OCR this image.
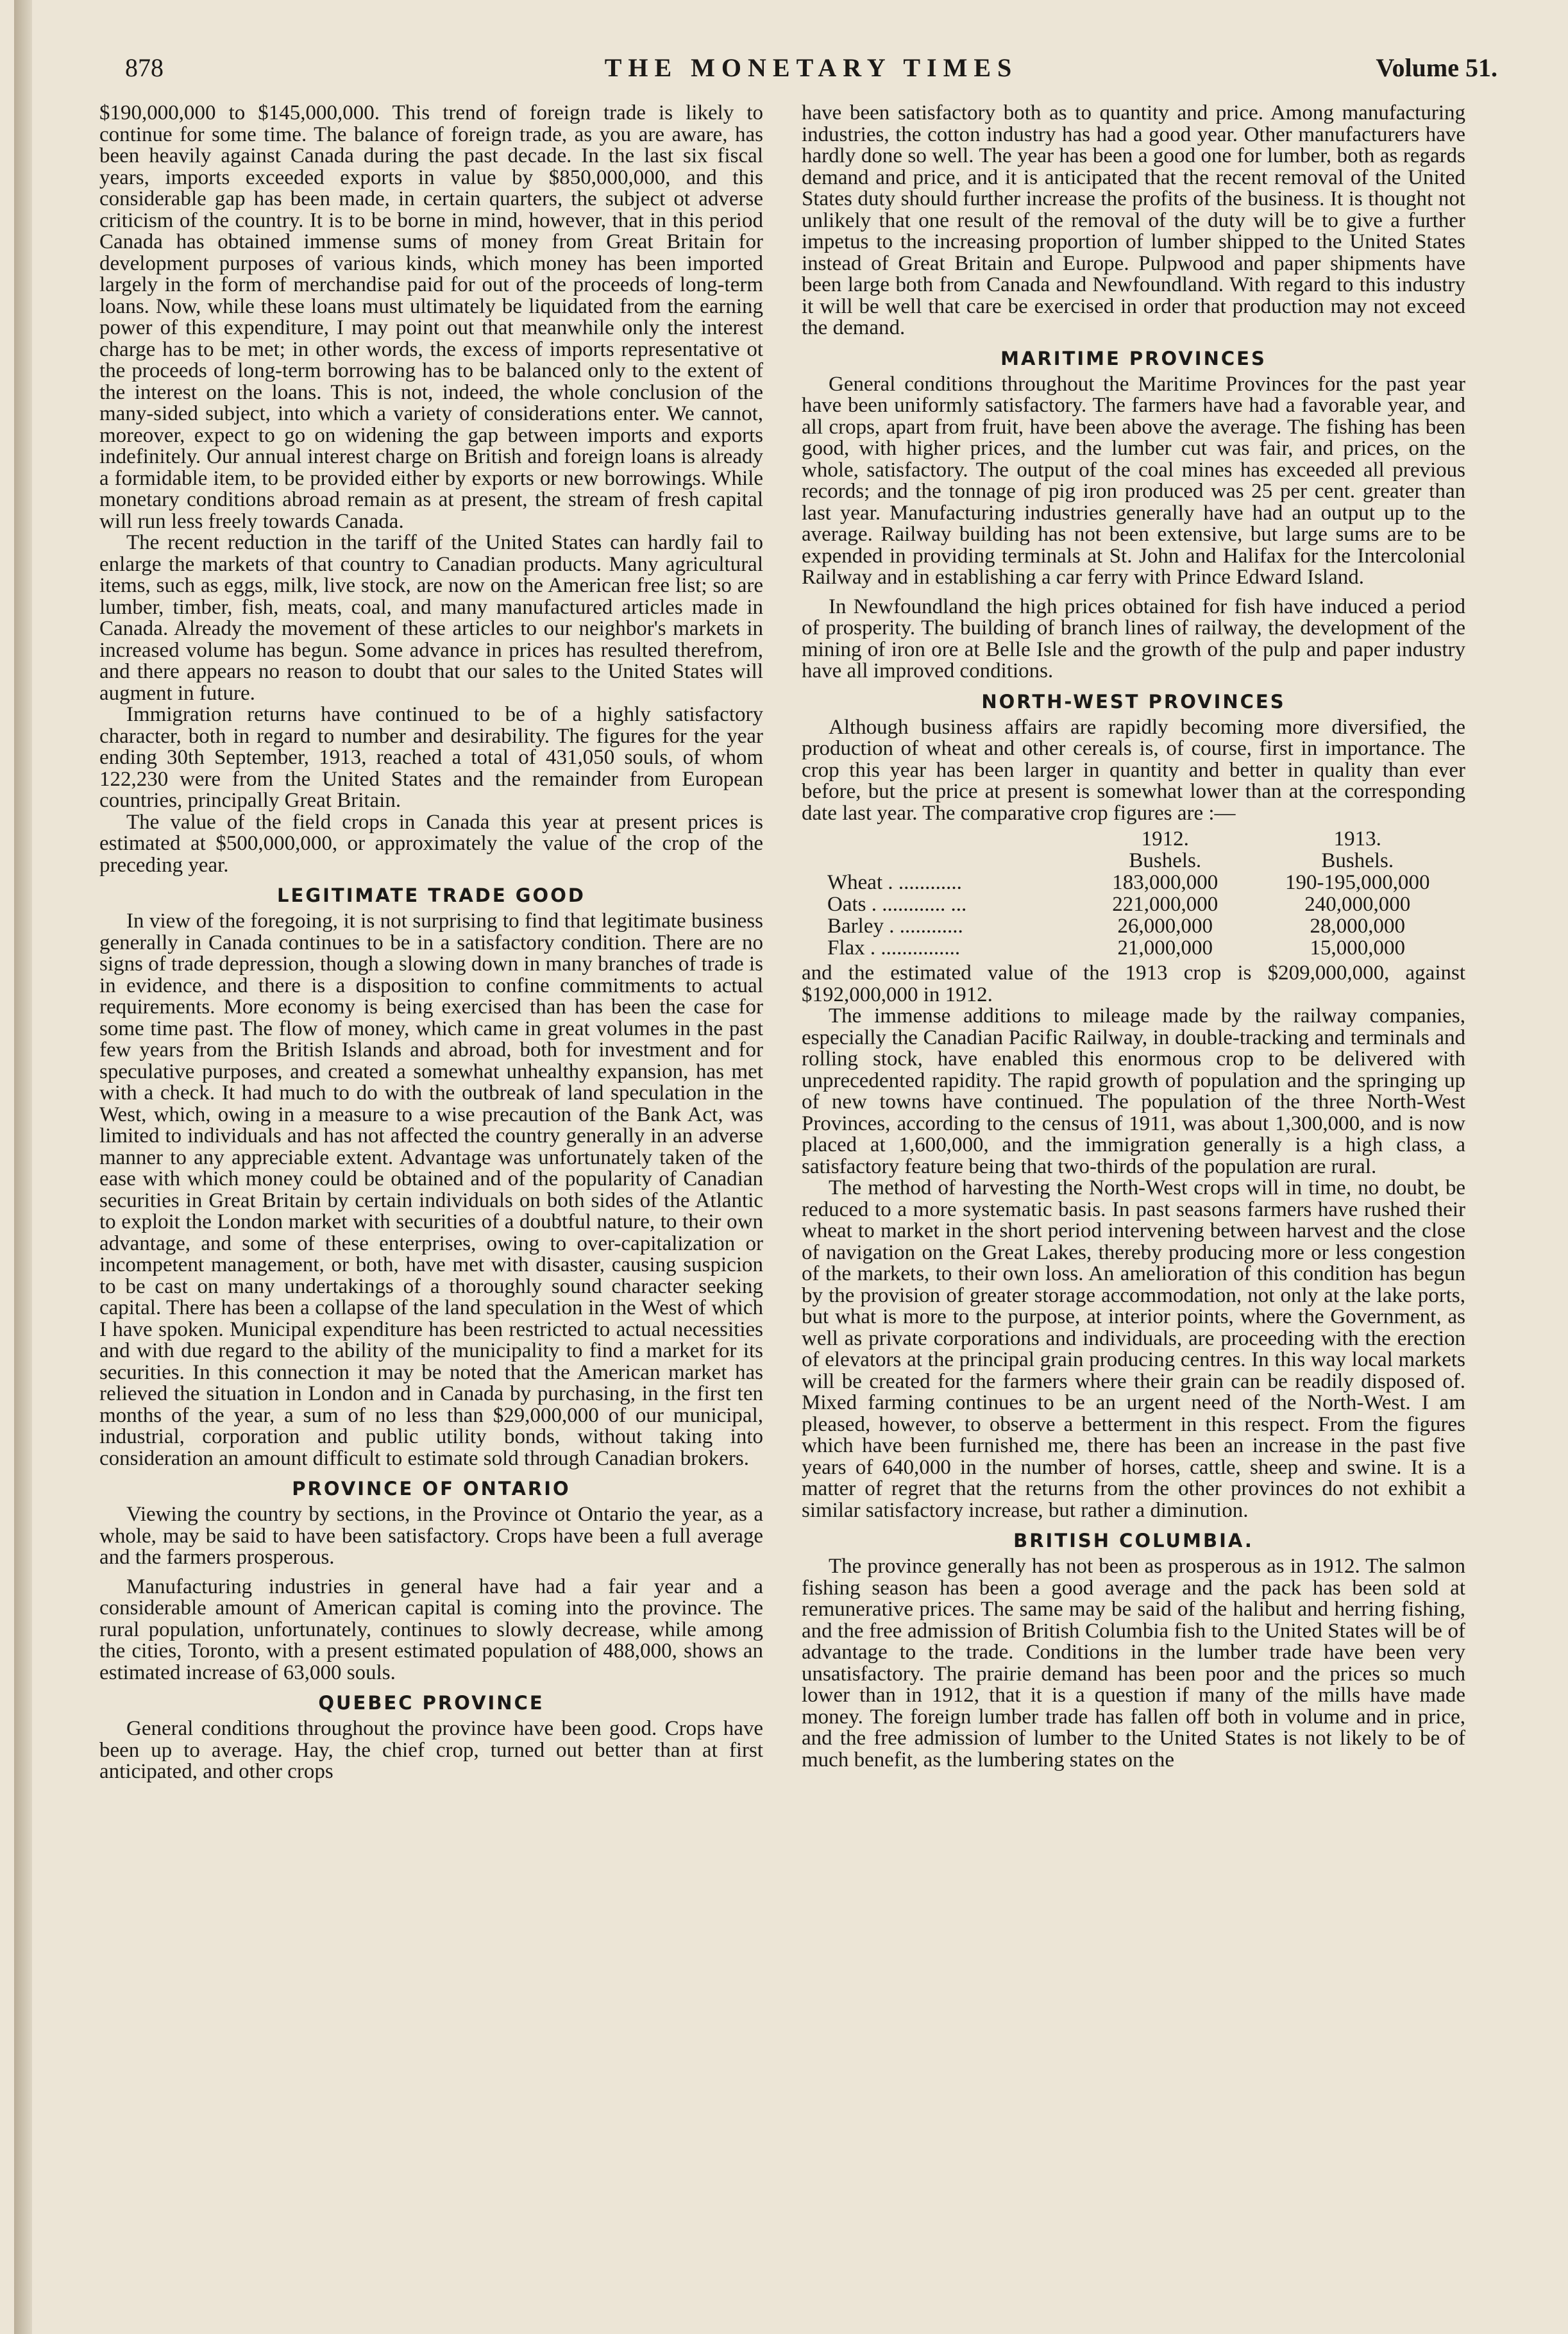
878	THE MONETARY TIMES	Volume 51.

$190,000,000 to $145,000,000. This trend of foreign trade is likely to continue for some time. The balance of foreign trade, as you are aware, has been heavily against Canada during the past decade. In the last six fiscal years, imports exceeded exports in value by $850,000,000, and this considerable gap has been made, in certain quarters, the subject ot adverse criticism of the country. It is to be borne in mind, however, that in this period Canada has obtained immense sums of money from Great Britain for development purposes of various kinds, which money has been imported largely in the form of merchandise paid for out of the proceeds of long-term loans. Now, while these loans must ultimately be liquidated from the earning power of this expenditure, I may point out that meanwhile only the interest charge has to be met; in other words, the excess of imports representative ot the proceeds of long-term borrowing has to be balanced only to the extent of the interest on the loans. This is not, indeed, the whole conclusion of the many-sided subject, into which a variety of considerations enter. We cannot, moreover, expect to go on widening the gap between imports and exports indefinitely. Our annual interest charge on British and foreign loans is already a formidable item, to be provided either by exports or new borrowings. While monetary conditions abroad remain as at present, the stream of fresh capital will run less freely towards Canada.

The recent reduction in the tariff of the United States can hardly fail to enlarge the markets of that country to Canadian products. Many agricultural items, such as eggs, milk, live stock, are now on the American free list; so are lumber, timber, fish, meats, coal, and many manufactured articles made in Canada. Already the movement of these articles to our neighbor's markets in increased volume has begun. Some advance in prices has resulted therefrom, and there appears no reason to doubt that our sales to the United States will augment in future.

Immigration returns have continued to be of a highly satisfactory character, both in regard to number and desirability. The figures for the year ending 30th September, 1913, reached a total of 431,050 souls, of whom 122,230 were from the United States and the remainder from European countries, principally Great Britain.

The value of the field crops in Canada this year at present prices is estimated at $500,000,000, or approximately the value of the crop of the preceding year.

LEGITIMATE TRADE GOOD

In view of the foregoing, it is not surprising to find that legitimate business generally in Canada continues to be in a satisfactory condition. There are no signs of trade depression, though a slowing down in many branches of trade is in evidence, and there is a disposition to confine commitments to actual requirements. More economy is being exercised than has been the case for some time past. The flow of money, which came in great volumes in the past few years from the British Islands and abroad, both for investment and for speculative purposes, and created a somewhat unhealthy expansion, has met with a check. It had much to do with the outbreak of land speculation in the West, which, owing in a measure to a wise precaution of the Bank Act, was limited to individuals and has not affected the country generally in an adverse manner to any appreciable extent. Advantage was unfortunately taken of the ease with which money could be obtained and of the popularity of Canadian securities in Great Britain by certain individuals on both sides of the Atlantic to exploit the London market with securities of a doubtful nature, to their own advantage, and some of these enterprises, owing to over-capitalization or incompetent management, or both, have met with disaster, causing suspicion to be cast on many undertakings of a thoroughly sound character seeking capital. There has been a collapse of the land speculation in the West of which I have spoken. Municipal expenditure has been restricted to actual necessities and with due regard to the ability of the municipality to find a market for its securities. In this connection it may be noted that the American market has relieved the situation in London and in Canada by purchasing, in the first ten months of the year, a sum of no less than $29,000,000 of our municipal, industrial, corporation and public utility bonds, without taking into consideration an amount difficult to estimate sold through Canadian brokers.

PROVINCE OF ONTARIO

Viewing the country by sections, in the Province ot Ontario the year, as a whole, may be said to have been satisfactory. Crops have been a full average and the farmers prosperous.

Manufacturing industries in general have had a fair year and a considerable amount of American capital is coming into the province. The rural population, unfortunately, continues to slowly decrease, while among the cities, Toronto, with a present estimated population of 488,000, shows an estimated increase of 63,000 souls.

QUEBEC PROVINCE

General conditions throughout the province have been good. Crops have been up to average. Hay, the chief crop, turned out better than at first anticipated, and other crops

have been satisfactory both as to quantity and price. Among manufacturing industries, the cotton industry has had a good year. Other manufacturers have hardly done so well. The year has been a good one for lumber, both as regards demand and price, and it is anticipated that the recent removal of the United States duty should further increase the profits of the business. It is thought not unlikely that one result of the removal of the duty will be to give a further impetus to the increasing proportion of lumber shipped to the United States instead of Great Britain and Europe. Pulpwood and paper shipments have been large both from Canada and Newfoundland. With regard to this industry it will be well that care be exercised in order that production may not exceed the demand.

MARITIME PROVINCES

General conditions throughout the Maritime Provinces for the past year have been uniformly satisfactory. The farmers have had a favorable year, and all crops, apart from fruit, have been above the average. The fishing has been good, with higher prices, and the lumber cut was fair, and prices, on the whole, satisfactory. The output of the coal mines has exceeded all previous records; and the tonnage of pig iron produced was 25 per cent. greater than last year. Manufacturing industries generally have had an output up to the average. Railway building has not been extensive, but large sums are to be expended in providing terminals at St. John and Halifax for the Intercolonial Railway and in establishing a car ferry with Prince Edward Island.

In Newfoundland the high prices obtained for fish have induced a period of prosperity. The building of branch lines of railway, the development of the mining of iron ore at Belle Isle and the growth of the pulp and paper industry have all improved conditions.

NORTH-WEST PROVINCES

Although business affairs are rapidly becoming more diversified, the production of wheat and other cereals is, of course, first in importance. The crop this year has been larger in quantity and better in quality than ever before, but the price at present is somewhat lower than at the corresponding date last year. The comparative crop figures are :—

	1912.	1913.
	Bushels.	Bushels.
Wheat . ............	183,000,000	190-195,000,000
Oats . ............ ...	221,000,000	240,000,000
Barley . ............	26,000,000	28,000,000
Flax . ...............	21,000,000	15,000,000

and the estimated value of the 1913 crop is $209,000,000, against $192,000,000 in 1912.

The immense additions to mileage made by the railway companies, especially the Canadian Pacific Railway, in double-tracking and terminals and rolling stock, have enabled this enormous crop to be delivered with unprecedented rapidity. The rapid growth of population and the springing up of new towns have continued. The population of the three North-West Provinces, according to the census of 1911, was about 1,300,000, and is now placed at 1,600,000, and the immigration generally is a high class, a satisfactory feature being that two-thirds of the population are rural.

The method of harvesting the North-West crops will in time, no doubt, be reduced to a more systematic basis. In past seasons farmers have rushed their wheat to market in the short period intervening between harvest and the close of navigation on the Great Lakes, thereby producing more or less congestion of the markets, to their own loss. An amelioration of this condition has begun by the provision of greater storage accommodation, not only at the lake ports, but what is more to the purpose, at interior points, where the Government, as well as private corporations and individuals, are proceeding with the erection of elevators at the principal grain producing centres. In this way local markets will be created for the farmers where their grain can be readily disposed of. Mixed farming continues to be an urgent need of the North-West. I am pleased, however, to observe a betterment in this respect. From the figures which have been furnished me, there has been an increase in the past five years of 640,000 in the number of horses, cattle, sheep and swine. It is a matter of regret that the returns from the other provinces do not exhibit a similar satisfactory increase, but rather a diminution.

BRITISH COLUMBIA.

The province generally has not been as prosperous as in 1912. The salmon fishing season has been a good average and the pack has been sold at remunerative prices. The same may be said of the halibut and herring fishing, and the free admission of British Columbia fish to the United States will be of advantage to the trade. Conditions in the lumber trade have been very unsatisfactory. The prairie demand has been poor and the prices so much lower than in 1912, that it is a question if many of the mills have made money. The foreign lumber trade has fallen off both in volume and in price, and the free admission of lumber to the United States is not likely to be of much benefit, as the lumbering states on the
